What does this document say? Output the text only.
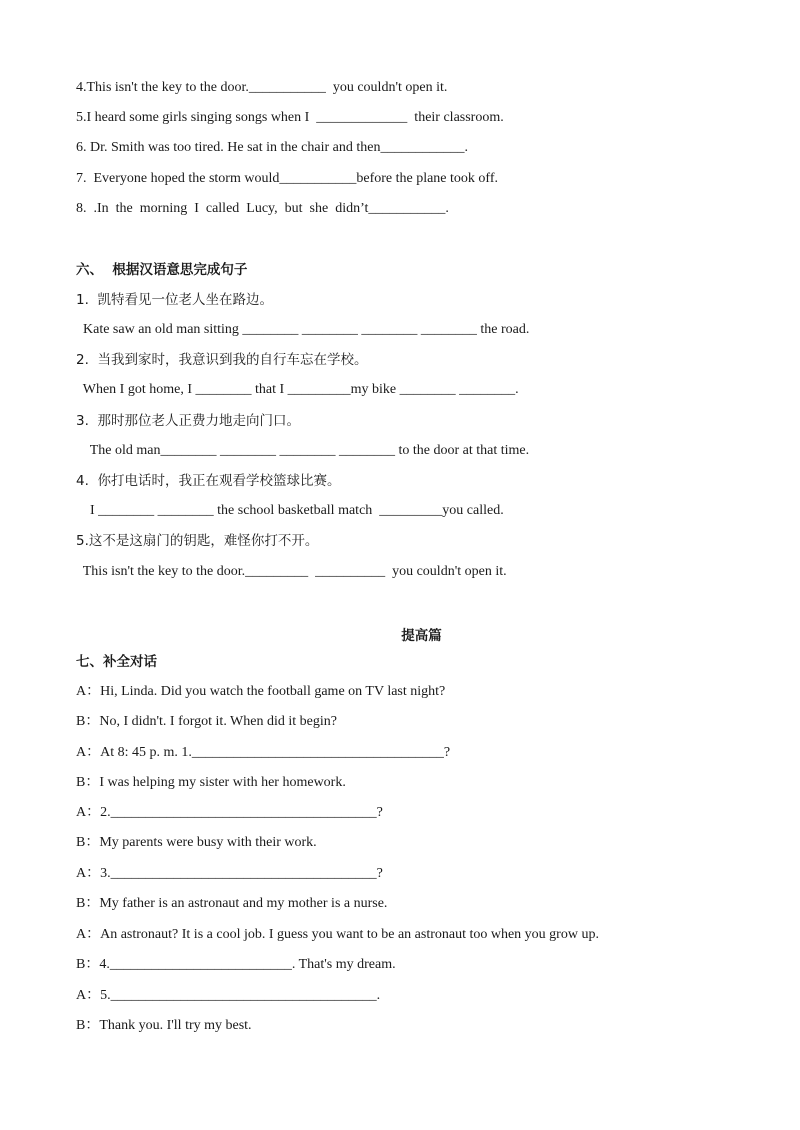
4.This isn't the key to the door.___________  you couldn't open it.
5.I heard some girls singing songs when I  _____________  their classroom.
6. Dr. Smith was too tired. He sat in the chair and then____________.
7.  Everyone hoped the storm would___________before the plane took off.
8.  .In  the  morning  I  called  Lucy,  but  she  didn’t___________.
六、  根据汉语意思完成句子
1.  凯特看见一位老人坐在路边。
Kate saw an old man sitting ________ ________ ________ ________ the road.
2.  当我到家时，我意识到我的自行车忘在学校。
When I got home, I ________ that I _________my bike ________ ________.
3.  那时那位老人正费力地走向门口。
The old man________ ________ ________ ________ to the door at that time.
4.  你打电话时，我正在观看学校篮球比赛。
I ________ ________ the school basketball match  _________you called.
5.这不是这扇门的钥匙，难怪你打不开。
This isn't the key to the door._________  __________  you couldn't open it.
提高篇
七、补全对话
A：Hi, Linda. Did you watch the football game on TV last night?
B：No, I didn't. I forgot it. When did it begin?
A：At 8: 45 p. m. 1.____________________________________?
B：I was helping my sister with her homework.
A：2.______________________________________?
B：My parents were busy with their work.
A：3.______________________________________?
B：My father is an astronaut and my mother is a nurse.
A：An astronaut? It is a cool job. I guess you want to be an astronaut too when you grow up.
B：4.__________________________. That's my dream.
A：5.______________________________________.
B：Thank you. I'll try my best.
